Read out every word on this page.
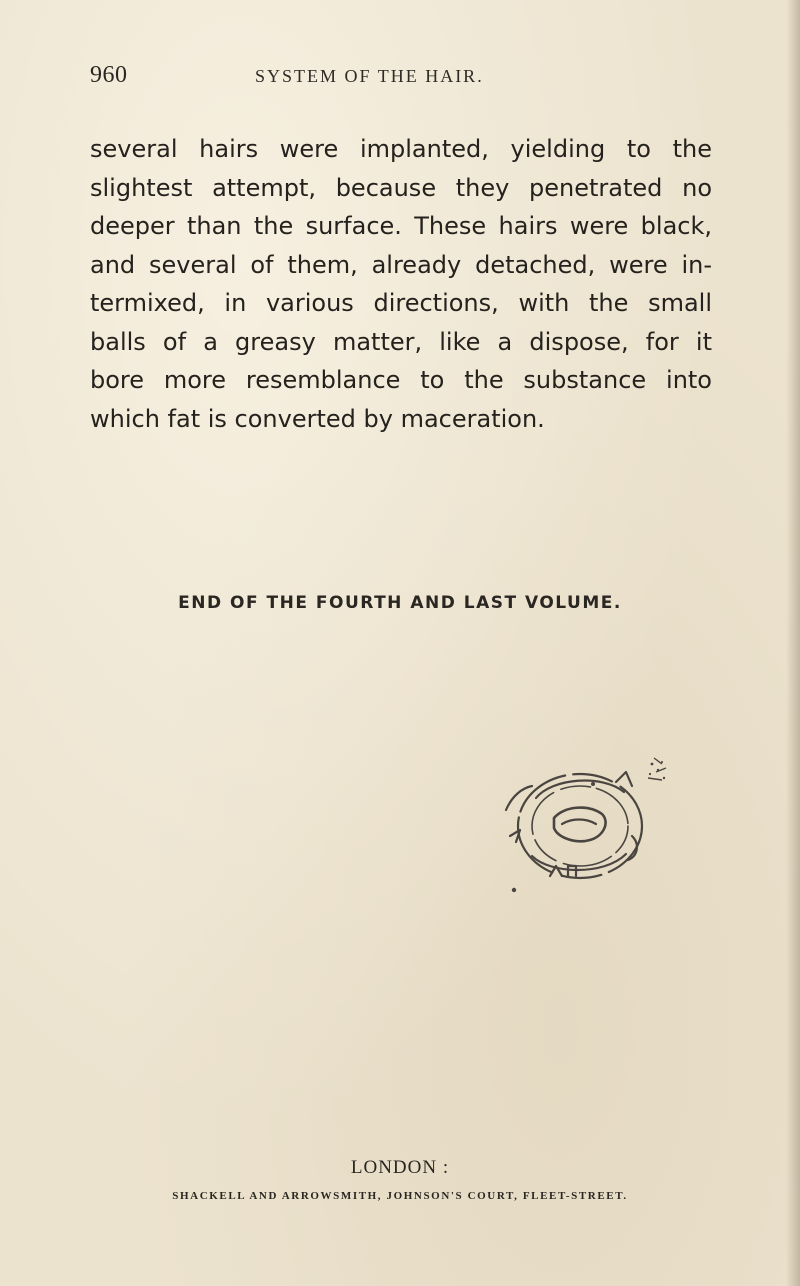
960	SYSTEM OF THE HAIR.
several hairs were implanted, yielding to the
slightest attempt, because they penetrated no
deeper than the surface. These hairs were black,
and several of them, already detached, were in-
termixed, in various directions, with the small
balls of a greasy matter, like a dispose, for it
bore more resemblance to the substance into
which fat is converted by maceration.
END OF THE FOURTH AND LAST VOLUME.
LONDON :
SHACKELL AND ARROWSMITH, JOHNSON'S COURT, FLEET-STREET.
